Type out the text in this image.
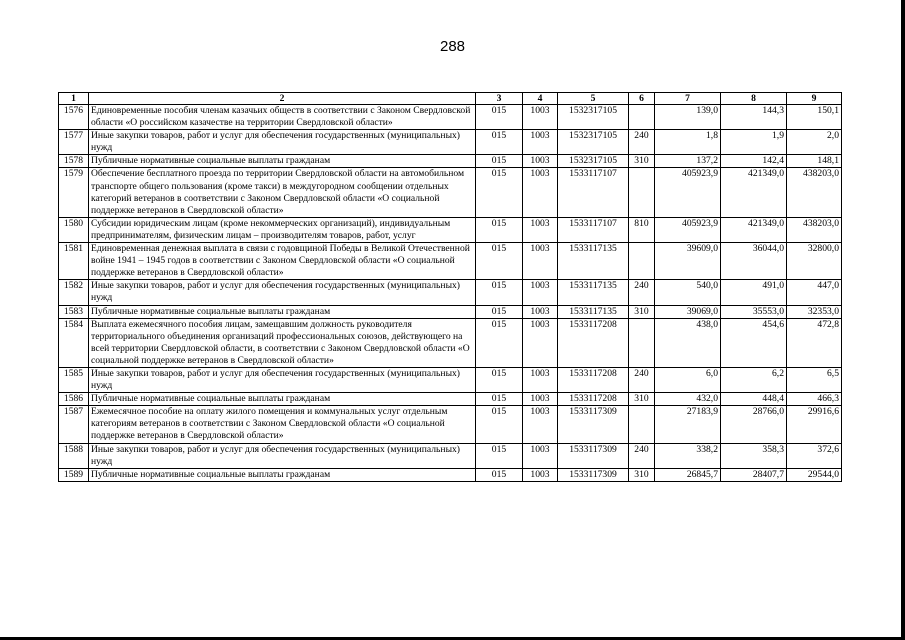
288
1	2	3	4	5	6	7	8	9
1576	Единовременные пособия членам казачьих обществ в соответствии с Законом Свердловской области «О российском казачестве на территории Свердловской области»	015	1003	1532317105		139,0	144,3	150,1
1577	Иные закупки товаров, работ и услуг для обеспечения государственных (муниципальных) нужд	015	1003	1532317105	240	1,8	1,9	2,0
1578	Публичные нормативные социальные выплаты гражданам	015	1003	1532317105	310	137,2	142,4	148,1
1579	Обеспечение бесплатного проезда по территории Свердловской области на автомобильном транспорте общего пользования (кроме такси) в междугородном сообщении отдельных категорий ветеранов в соответствии с Законом Свердловской области «О социальной поддержке ветеранов в Свердловской области»	015	1003	1533117107		405923,9	421349,0	438203,0
1580	Субсидии юридическим лицам (кроме некоммерческих организаций), индивидуальным предпринимателям, физическим лицам – производителям товаров, работ, услуг	015	1003	1533117107	810	405923,9	421349,0	438203,0
1581	Единовременная денежная выплата в связи с годовщиной Победы в Великой Отечественной войне 1941 – 1945 годов в соответствии с Законом Свердловской области «О социальной поддержке ветеранов в Свердловской области»	015	1003	1533117135		39609,0	36044,0	32800,0
1582	Иные закупки товаров, работ и услуг для обеспечения государственных (муниципальных) нужд	015	1003	1533117135	240	540,0	491,0	447,0
1583	Публичные нормативные социальные выплаты гражданам	015	1003	1533117135	310	39069,0	35553,0	32353,0
1584	Выплата ежемесячного пособия лицам, замещавшим должность руководителя территориального объединения организаций профессиональных союзов, действующего на всей территории Свердловской области, в соответствии с Законом Свердловской области «О социальной поддержке ветеранов в Свердловской области»	015	1003	1533117208		438,0	454,6	472,8
1585	Иные закупки товаров, работ и услуг для обеспечения государственных (муниципальных) нужд	015	1003	1533117208	240	6,0	6,2	6,5
1586	Публичные нормативные социальные выплаты гражданам	015	1003	1533117208	310	432,0	448,4	466,3
1587	Ежемесячное пособие на оплату жилого помещения и коммунальных услуг отдельным категориям ветеранов в соответствии с Законом Свердловской области «О социальной поддержке ветеранов в Свердловской области»	015	1003	1533117309		27183,9	28766,0	29916,6
1588	Иные закупки товаров, работ и услуг для обеспечения государственных (муниципальных) нужд	015	1003	1533117309	240	338,2	358,3	372,6
1589	Публичные нормативные социальные выплаты гражданам	015	1003	1533117309	310	26845,7	28407,7	29544,0
